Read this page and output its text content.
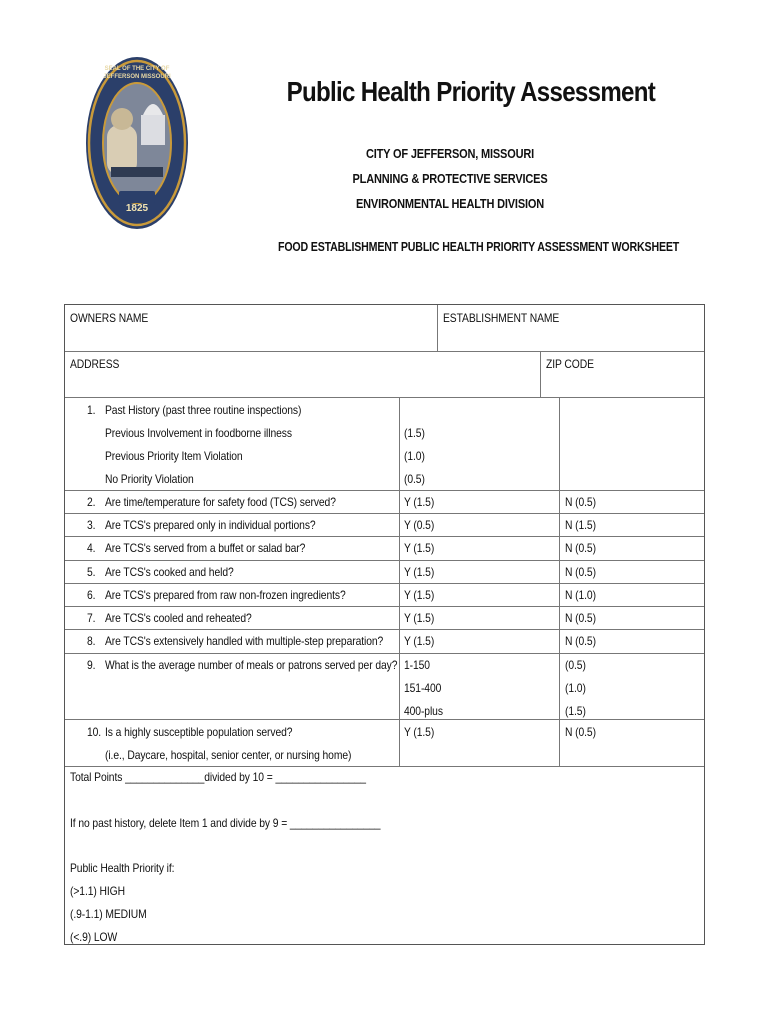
SEAL OF THE CITY OF JEFFERSON MISSOURI
1825
Public Health Priority Assessment
CITY OF JEFFERSON, MISSOURI
PLANNING & PROTECTIVE SERVICES
ENVIRONMENTAL HEALTH DIVISION
FOOD ESTABLISHMENT PUBLIC HEALTH PRIORITY ASSESSMENT WORKSHEET
OWNERS NAME	ESTABLISHMENT NAME
ADDRESS	ZIP CODE
1. Past History (past three routine inspections)
Previous Involvement in foodborne illness	(1.5)
Previous Priority Item Violation	(1.0)
No Priority Violation	(0.5)
2. Are time/temperature for safety food (TCS) served?	Y (1.5)	N (0.5)
3. Are TCS's prepared only in individual portions?	Y (0.5)	N (1.5)
4. Are TCS's served from a buffet or salad bar?	Y (1.5)	N (0.5)
5. Are TCS's cooked and held?	Y (1.5)	N (0.5)
6. Are TCS's prepared from raw non-frozen ingredients?	Y (1.5)	N (1.0)
7. Are TCS's cooled and reheated?	Y (1.5)	N (0.5)
8. Are TCS's extensively handled with multiple-step preparation? Y (1.5)	N (0.5)
9. What is the average number of meals or patrons served per day? 1-150	(0.5)
151-400	(1.0)
400-plus	(1.5)
10. Is a highly susceptible population served?	Y (1.5)	N (0.5)
(i.e., Daycare, hospital, senior center, or nursing home)
Total Points ______________divided by 10 = ________________
If no past history, delete Item 1 and divide by 9 = ________________
Public Health Priority if:
(>1.1) HIGH
(.9-1.1) MEDIUM
(<.9) LOW
